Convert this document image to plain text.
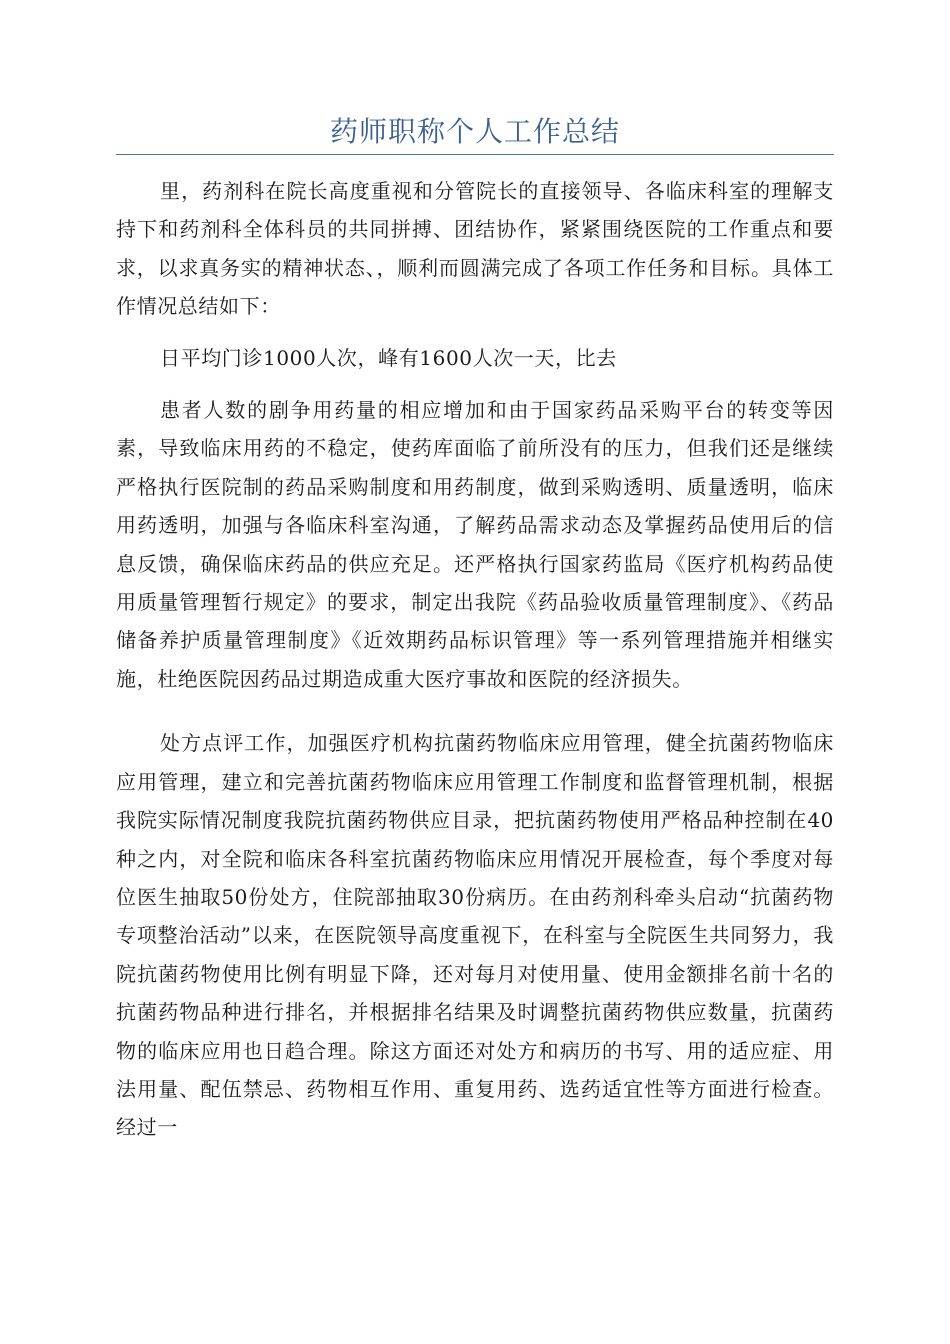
药师职称个人工作总结

里，药剂科在院长高度重视和分管院长的直接领导、各临床科室的理解支持下和药剂科全体科员的共同拼搏、团结协作，紧紧围绕医院的工作重点和要求，以求真务实的精神状态、，顺利而圆满完成了各项工作任务和目标。具体工作情况总结如下：

日平均门诊1000人次，峰有1600人次一天，比去

患者人数的剧争用药量的相应增加和由于国家药品采购平台的转变等因素，导致临床用药的不稳定，使药库面临了前所没有的压力，但我们还是继续严格执行医院制的药品采购制度和用药制度，做到采购透明、质量透明，临床用药透明，加强与各临床科室沟通，了解药品需求动态及掌握药品使用后的信息反馈，确保临床药品的供应充足。还严格执行国家药监局《医疗机构药品使用质量管理暂行规定》的要求，制定出我院《药品验收质量管理制度》、《药品储备养护质量管理制度》《近效期药品标识管理》等一系列管理措施并相继实施，杜绝医院因药品过期造成重大医疗事故和医院的经济损失。

处方点评工作，加强医疗机构抗菌药物临床应用管理，健全抗菌药物临床应用管理，建立和完善抗菌药物临床应用管理工作制度和监督管理机制，根据我院实际情况制度我院抗菌药物供应目录，把抗菌药物使用严格品种控制在40种之内，对全院和临床各科室抗菌药物临床应用情况开展检查，每个季度对每位医生抽取50份处方，住院部抽取30份病历。在由药剂科牵头启动“抗菌药物专项整治活动”以来，在医院领导高度重视下，在科室与全院医生共同努力，我院抗菌药物使用比例有明显下降，还对每月对使用量、使用金额排名前十名的抗菌药物品种进行排名，并根据排名结果及时调整抗菌药物供应数量，抗菌药物的临床应用也日趋合理。除这方面还对处方和病历的书写、用的适应症、用法用量、配伍禁忌、药物相互作用、重复用药、选药适宜性等方面进行检查。经过一
